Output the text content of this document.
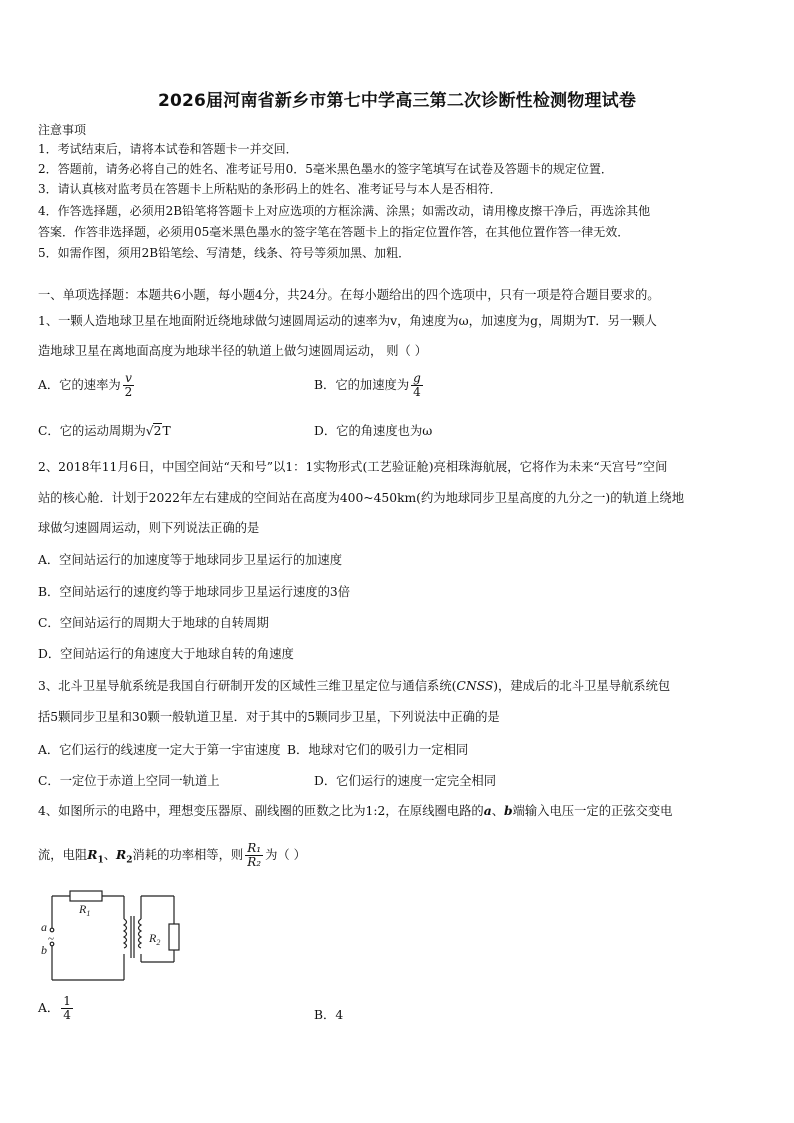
2026届河南省新乡市第七中学高三第二次诊断性检测物理试卷
注意事项
1．考试结束后，请将本试卷和答题卡一并交回．
2．答题前，请务必将自己的姓名、准考证号用0．5毫米黑色墨水的签字笔填写在试卷及答题卡的规定位置．
3．请认真核对监考员在答题卡上所粘贴的条形码上的姓名、准考证号与本人是否相符．
4．作答选择题，必须用2B铅笔将答题卡上对应选项的方框涂满、涂黑；如需改动，请用橡皮擦干净后，再选涂其他
答案．作答非选择题，必须用05毫米黑色墨水的签字笔在答题卡上的指定位置作答，在其他位置作答一律无效．
5．如需作图，须用2B铅笔绘、写清楚，线条、符号等须加黑、加粗．
一、单项选择题：本题共6小题，每小题4分，共24分。在每小题给出的四个选项中，只有一项是符合题目要求的。
1、一颗人造地球卫星在地面附近绕地球做匀速圆周运动的速率为v，角速度为ω，加速度为g，周期为T．另一颗人
造地球卫星在离地面高度为地球半径的轨道上做匀速圆周运动， 则（ ）
A．它的速率为 $\frac{v}{2}$	B．它的加速度为 $\frac{g}{4}$
C．它的运动周期为√2T	D．它的角速度也为ω
2、2018年11月6日，中国空间站“天和号”以1：1实物形式(工艺验证舱)亮相珠海航展，它将作为未来“天宫号”空间
站的核心舱．计划于2022年左右建成的空间站在高度为400~450km(约为地球同步卫星高度的九分之一)的轨道上绕地
球做匀速圆周运动，则下列说法正确的是
A．空间站运行的加速度等于地球同步卫星运行的加速度
B．空间站运行的速度约等于地球同步卫星运行速度的3倍
C．空间站运行的周期大于地球的自转周期
D．空间站运行的角速度大于地球自转的角速度
3、北斗卫星导航系统是我国自行研制开发的区域性三维卫星定位与通信系统(CNSS)，建成后的北斗卫星导航系统包
括5颗同步卫星和30颗一般轨道卫星．对于其中的5颗同步卫星，下列说法中正确的是
A．它们运行的线速度一定大于第一宇宙速度 B．地球对它们的吸引力一定相同
C．一定位于赤道上空同一轨道上	D．它们运行的速度一定完全相同
4、如图所示的电路中，理想变压器原、副线圈的匝数之比为1:2，在原线圈电路的a、b端输入电压一定的正弦交变电
流，电阻$R_1$、$R_2$消耗的功率相等，则 $\frac{\text{R₁}}{\text{R₂}}$ 为（ ）
$R_1$
$R_2$
a
b
~
A． $\frac{1}{4}$	B．4
